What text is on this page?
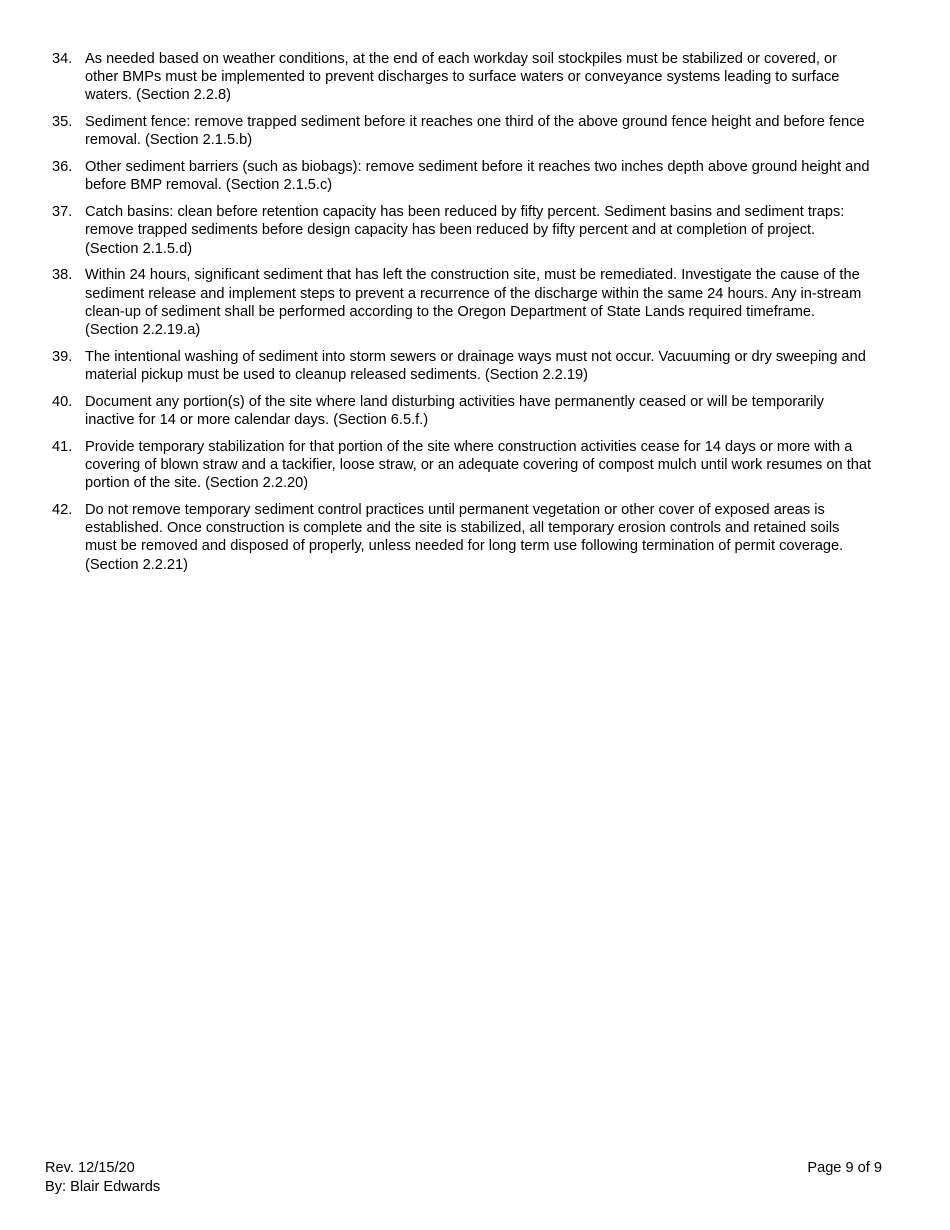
34. As needed based on weather conditions, at the end of each workday soil stockpiles must be stabilized or covered, or other BMPs must be implemented to prevent discharges to surface waters or conveyance systems leading to surface waters. (Section 2.2.8)
35. Sediment fence: remove trapped sediment before it reaches one third of the above ground fence height and before fence removal. (Section 2.1.5.b)
36. Other sediment barriers (such as biobags): remove sediment before it reaches two inches depth above ground height and before BMP removal. (Section 2.1.5.c)
37. Catch basins: clean before retention capacity has been reduced by fifty percent. Sediment basins and sediment traps: remove trapped sediments before design capacity has been reduced by fifty percent and at completion of project. (Section 2.1.5.d)
38. Within 24 hours, significant sediment that has left the construction site, must be remediated. Investigate the cause of the sediment release and implement steps to prevent a recurrence of the discharge within the same 24 hours. Any in-stream clean-up of sediment shall be performed according to the Oregon Department of State Lands required timeframe. (Section 2.2.19.a)
39. The intentional washing of sediment into storm sewers or drainage ways must not occur. Vacuuming or dry sweeping and material pickup must be used to cleanup released sediments. (Section 2.2.19)
40. Document any portion(s) of the site where land disturbing activities have permanently ceased or will be temporarily inactive for 14 or more calendar days. (Section 6.5.f.)
41. Provide temporary stabilization for that portion of the site where construction activities cease for 14 days or more with a covering of blown straw and a tackifier, loose straw, or an adequate covering of compost mulch until work resumes on that portion of the site. (Section 2.2.20)
42. Do not remove temporary sediment control practices until permanent vegetation or other cover of exposed areas is established. Once construction is complete and the site is stabilized, all temporary erosion controls and retained soils must be removed and disposed of properly, unless needed for long term use following termination of permit coverage. (Section 2.2.21)
Rev. 12/15/20
By: Blair Edwards
Page 9 of 9
